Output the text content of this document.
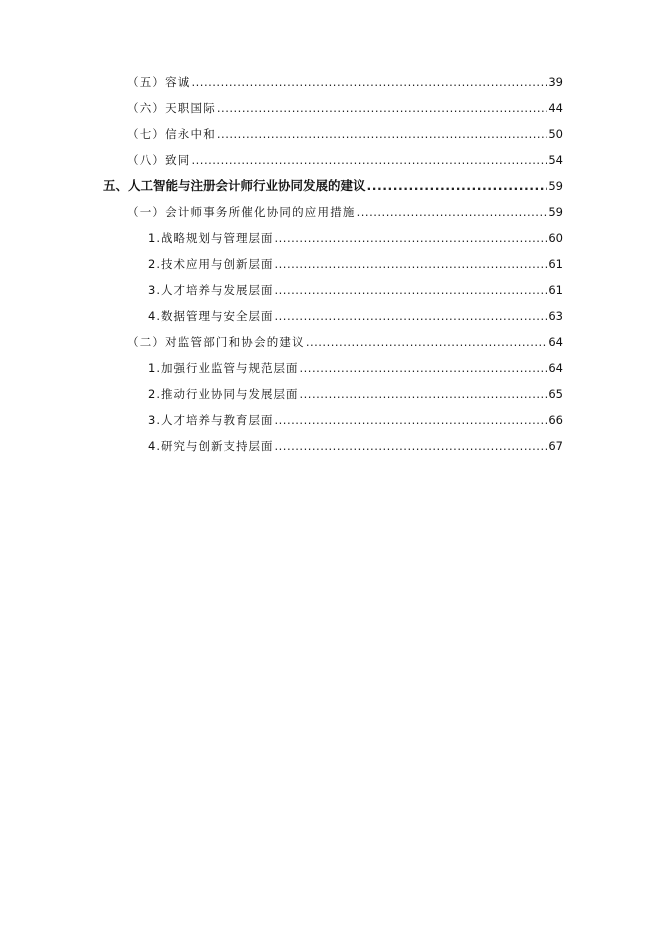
（五）容诚 .....	39
（六）天职国际 .....	44
（七）信永中和 .....	50
（八）致同 .....	54
五、人工智能与注册会计师行业协同发展的建议 .....	59
（一）会计师事务所催化协同的应用措施 .....	59
1.战略规划与管理层面 .....	60
2.技术应用与创新层面 .....	61
3.人才培养与发展层面 .....	61
4.数据管理与安全层面 .....	63
（二）对监管部门和协会的建议 .....	64
1.加强行业监管与规范层面 .....	64
2.推动行业协同与发展层面 .....	65
3.人才培养与教育层面 .....	66
4.研究与创新支持层面 .....	67
